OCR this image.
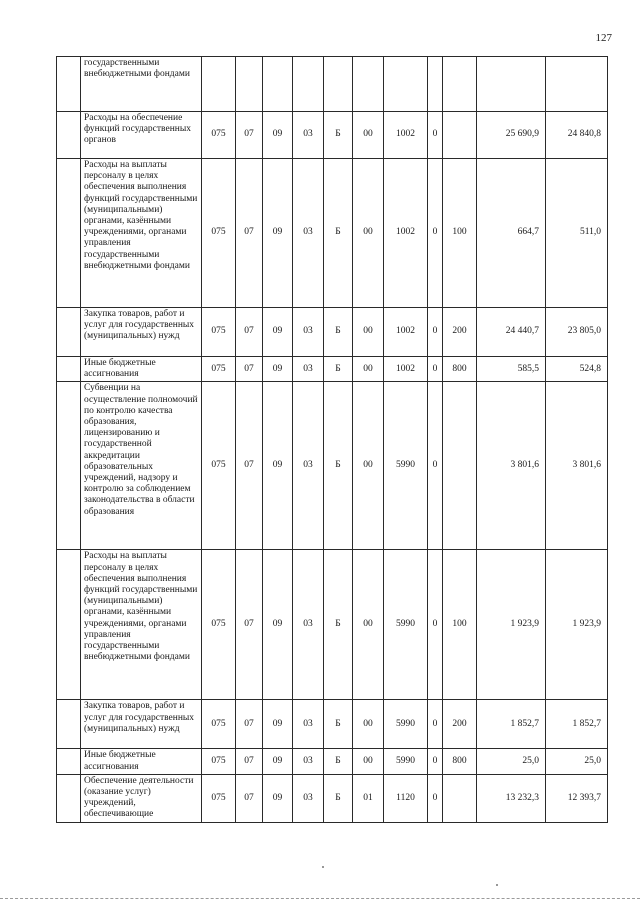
127
	государственными внебюджетными фондами											
	Расходы на обеспечение функций государственных органов	075	07	09	03	Б	00	1002	0		25 690,9	24 840,8
	Расходы на выплаты персоналу в целях обеспечения выполнения функций государственными (муниципальными) органами, казёнными учреждениями, органами управления государственными внебюджетными фондами	075	07	09	03	Б	00	1002	0	100	664,7	511,0
	Закупка товаров, работ и услуг для государственных (муниципальных) нужд	075	07	09	03	Б	00	1002	0	200	24 440,7	23 805,0
	Иные бюджетные ассигнования	075	07	09	03	Б	00	1002	0	800	585,5	524,8
	Субвенции на осуществление полномочий по контролю качества образования, лицензированию и государственной аккредитации образовательных учреждений, надзору и контролю за соблюдением законодательства в области образования	075	07	09	03	Б	00	5990	0		3 801,6	3 801,6
	Расходы на выплаты персоналу в целях обеспечения выполнения функций государственными (муниципальными) органами, казёнными учреждениями, органами управления государственными внебюджетными фондами	075	07	09	03	Б	00	5990	0	100	1 923,9	1 923,9
	Закупка товаров, работ и услуг для государственных (муниципальных) нужд	075	07	09	03	Б	00	5990	0	200	1 852,7	1 852,7
	Иные бюджетные ассигнования	075	07	09	03	Б	00	5990	0	800	25,0	25,0
	Обеспечение деятельности (оказание услуг) учреждений, обеспечивающие	075	07	09	03	Б	01	1120	0		13 232,3	12 393,7
